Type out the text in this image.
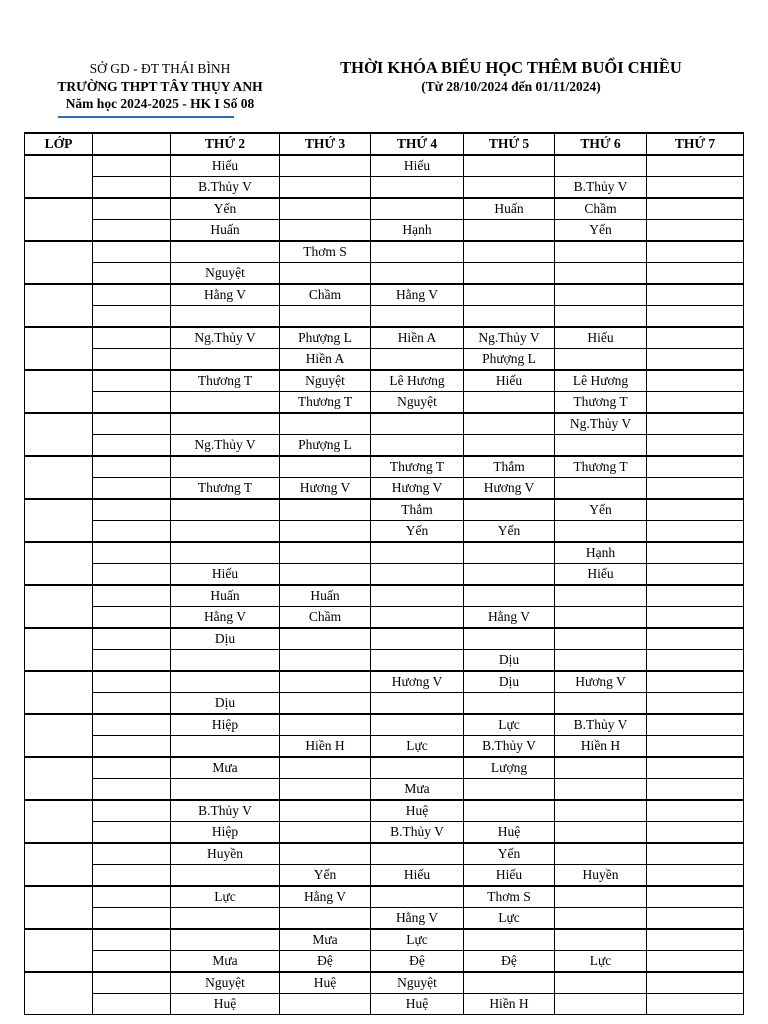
SỞ GD - ĐT THÁI BÌNH
TRƯỜNG THPT TÂY THỤY ANH
Năm học 2024-2025 - HK I Số 08
THỜI KHÓA BIỂU HỌC THÊM BUỔI CHIỀU
(Từ 28/10/2024 đến 01/11/2024)
LỚP		THỨ 2	THỨ 3	THỨ 4	THỨ 5	THỨ 6	THỨ 7
		Hiếu		Hiếu			
		B.Thủy V				B.Thủy V	
		Yến			Huấn	Chầm	
		Huấn		Hạnh		Yến	
			Thơm S				
		Nguyệt					
		Hằng V	Chầm	Hằng V			

		Ng.Thủy V	Phượng L	Hiền A	Ng.Thủy V	Hiếu	
			Hiền A		Phượng L		
		Thương T	Nguyệt	Lê Hương	Hiếu	Lê Hương	
			Thương T	Nguyệt		Thương T	
						Ng.Thủy V	
		Ng.Thủy V	Phượng L				
				Thương T	Thắm	Thương T	
		Thương T	Hương V	Hương V	Hương V		
				Thắm		Yến	
				Yến	Yến		
						Hạnh	
		Hiếu				Hiếu	
		Huấn	Huấn				
		Hằng V	Chầm		Hằng V		
		Dịu					
					Dịu		
				Hương V	Dịu	Hương V	
		Dịu					
		Hiệp			Lực	B.Thủy V	
			Hiền H	Lực	B.Thủy V	Hiền H	
		Mưa			Lượng		
				Mưa			
		B.Thủy V		Huệ			
		Hiệp		B.Thủy V	Huệ		
		Huyền			Yến		
			Yến	Hiếu	Hiếu	Huyền	
		Lực	Hằng V		Thơm S		
				Hằng V	Lực		
			Mưa	Lực			
		Mưa	Đệ	Đệ	Đệ	Lực	
		Nguyệt	Huệ	Nguyệt			
		Huệ		Huệ	Hiền H		
